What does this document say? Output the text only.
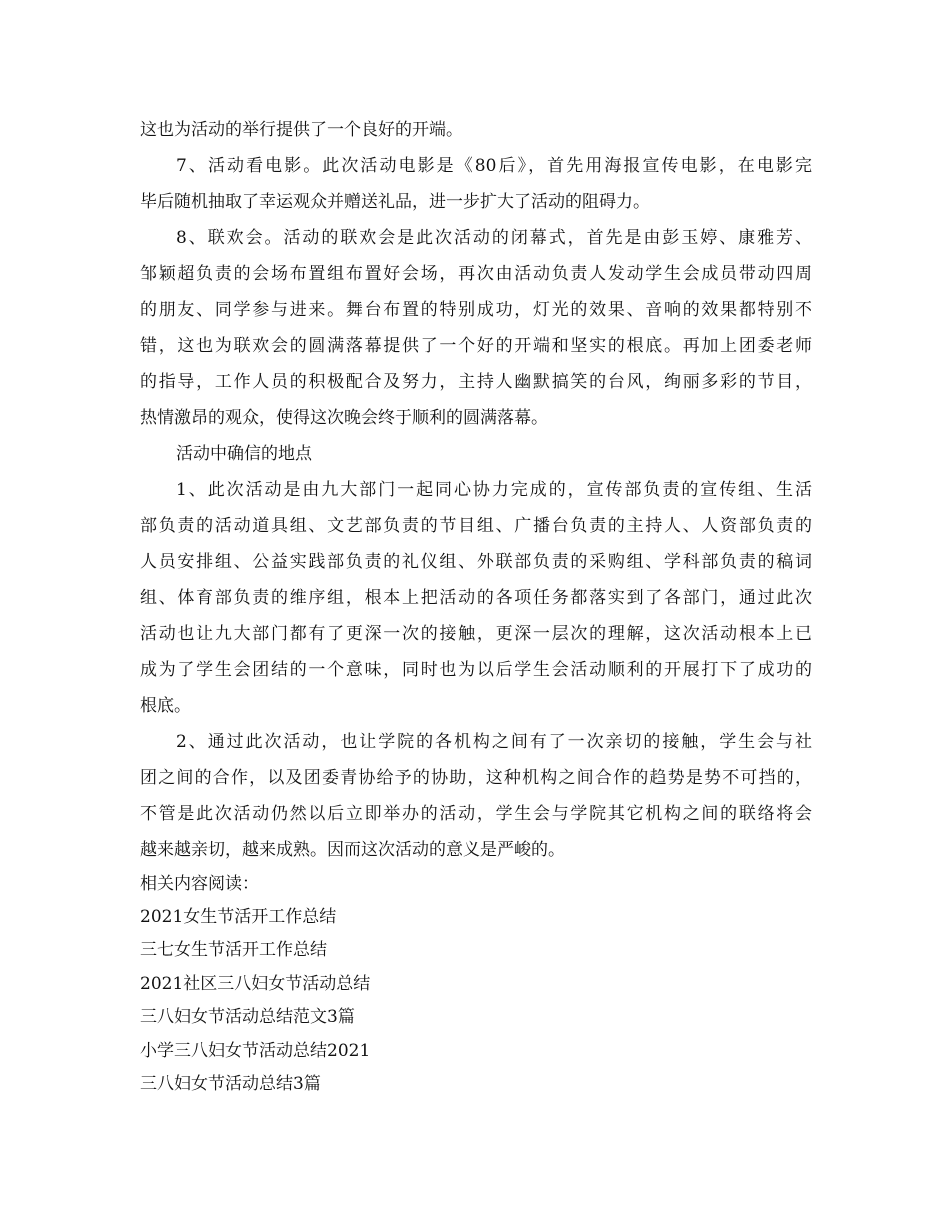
这也为活动的举行提供了一个良好的开端。
7、活动看电影。此次活动电影是《80后》，首先用海报宣传电影，在电影完
毕后随机抽取了幸运观众并赠送礼品，进一步扩大了活动的阻碍力。
8、联欢会。活动的联欢会是此次活动的闭幕式，首先是由彭玉婷、康雅芳、
邹颖超负责的会场布置组布置好会场，再次由活动负责人发动学生会成员带动四周
的朋友、同学参与进来。舞台布置的特别成功，灯光的效果、音响的效果都特别不
错，这也为联欢会的圆满落幕提供了一个好的开端和坚实的根底。再加上团委老师
的指导，工作人员的积极配合及努力，主持人幽默搞笑的台风，绚丽多彩的节目，
热情激昂的观众，使得这次晚会终于顺利的圆满落幕。
活动中确信的地点
1、此次活动是由九大部门一起同心协力完成的，宣传部负责的宣传组、生活
部负责的活动道具组、文艺部负责的节目组、广播台负责的主持人、人资部负责的
人员安排组、公益实践部负责的礼仪组、外联部负责的采购组、学科部负责的稿词
组、体育部负责的维序组，根本上把活动的各项任务都落实到了各部门，通过此次
活动也让九大部门都有了更深一次的接触，更深一层次的理解，这次活动根本上已
成为了学生会团结的一个意味，同时也为以后学生会活动顺利的开展打下了成功的
根底。
2、通过此次活动，也让学院的各机构之间有了一次亲切的接触，学生会与社
团之间的合作，以及团委青协给予的协助，这种机构之间合作的趋势是势不可挡的，
不管是此次活动仍然以后立即举办的活动，学生会与学院其它机构之间的联络将会
越来越亲切，越来成熟。因而这次活动的意义是严峻的。
相关内容阅读：
2021女生节活开工作总结
三七女生节活开工作总结
2021社区三八妇女节活动总结
三八妇女节活动总结范文3篇
小学三八妇女节活动总结2021
三八妇女节活动总结3篇
